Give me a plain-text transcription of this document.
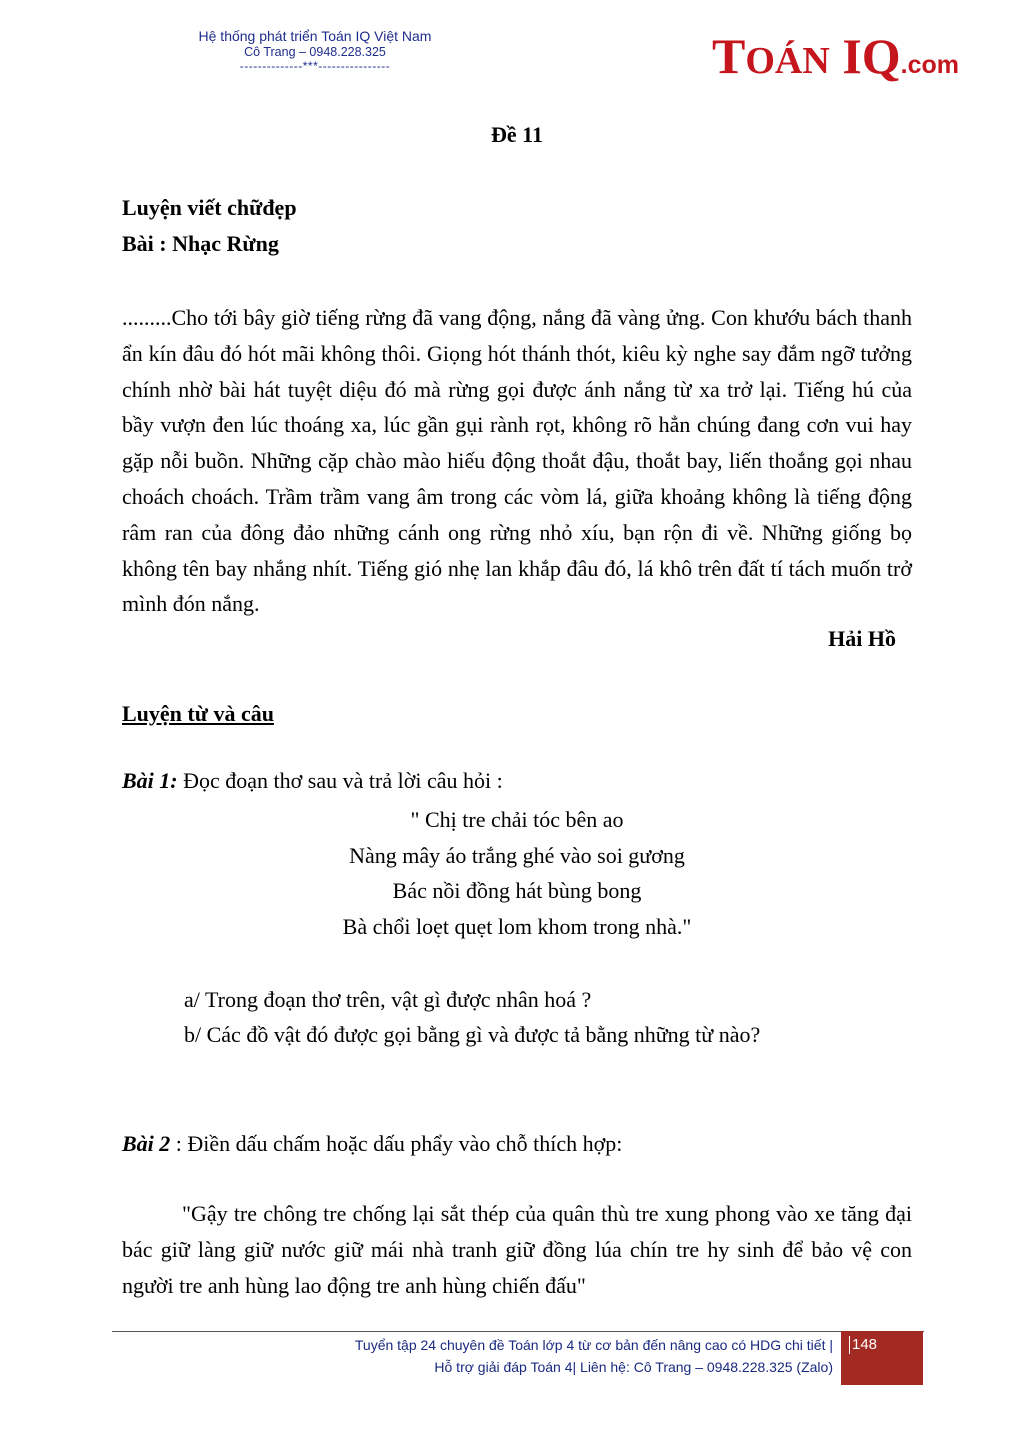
Hệ thống phát triển Toán IQ Việt Nam
Cô Trang – 0948.228.325
--------------***----------------	TOÁN IQ.com
Đề 11
Luyện viết chữđẹp
Bài : Nhạc Rừng
.........Cho tới bây giờ tiếng rừng đã vang động, nắng đã vàng ửng. Con khướu bách thanh ẩn kín đâu đó hót mãi không thôi. Giọng hót thánh thót, kiêu kỳ nghe say đắm ngỡ tưởng chính nhờ bài hát tuyệt diệu đó mà rừng gọi được ánh nắng từ xa trở lại. Tiếng hú của bầy vượn đen lúc thoáng xa, lúc gần gụi rành rọt, không rõ hẳn chúng đang cơn vui hay gặp nỗi buồn. Những cặp chào mào hiếu động thoắt đậu, thoắt bay, liến thoắng gọi nhau choách choách. Trầm trầm vang âm trong các vòm lá, giữa khoảng không là tiếng động râm ran của đông đảo những cánh ong rừng nhỏ xíu, bạn rộn đi về. Những giống bọ không tên bay nhắng nhít. Tiếng gió nhẹ lan khắp đâu đó, lá khô trên đất tí tách muốn trở mình đón nắng.
Hải Hồ
Luyện từ và câu
Bài 1: Đọc đoạn thơ sau và trả lời câu hỏi :
" Chị tre chải tóc bên ao
Nàng mây áo trắng ghé vào soi gương
Bác nồi đồng hát bùng bong
Bà chổi loẹt quẹt lom khom trong nhà."
a/ Trong đoạn thơ trên, vật gì được nhân hoá ?
b/ Các đồ vật đó được gọi bằng gì và được tả bằng những từ nào?
Bài 2 : Điền dấu chấm hoặc dấu phẩy vào chỗ thích hợp:
"Gậy tre chông tre chống lại sắt thép của quân thù tre xung phong vào xe tăng đại bác giữ làng giữ nước giữ mái nhà tranh giữ đồng lúa chín tre hy sinh để bảo vệ con người tre anh hùng lao động tre anh hùng chiến đấu"
Tuyển tập 24 chuyên đề Toán lớp 4 từ cơ bản đến nâng cao có HDG chi tiết |
Hỗ trợ giải đáp Toán 4| Liên hệ: Cô Trang – 0948.228.325 (Zalo)
148
